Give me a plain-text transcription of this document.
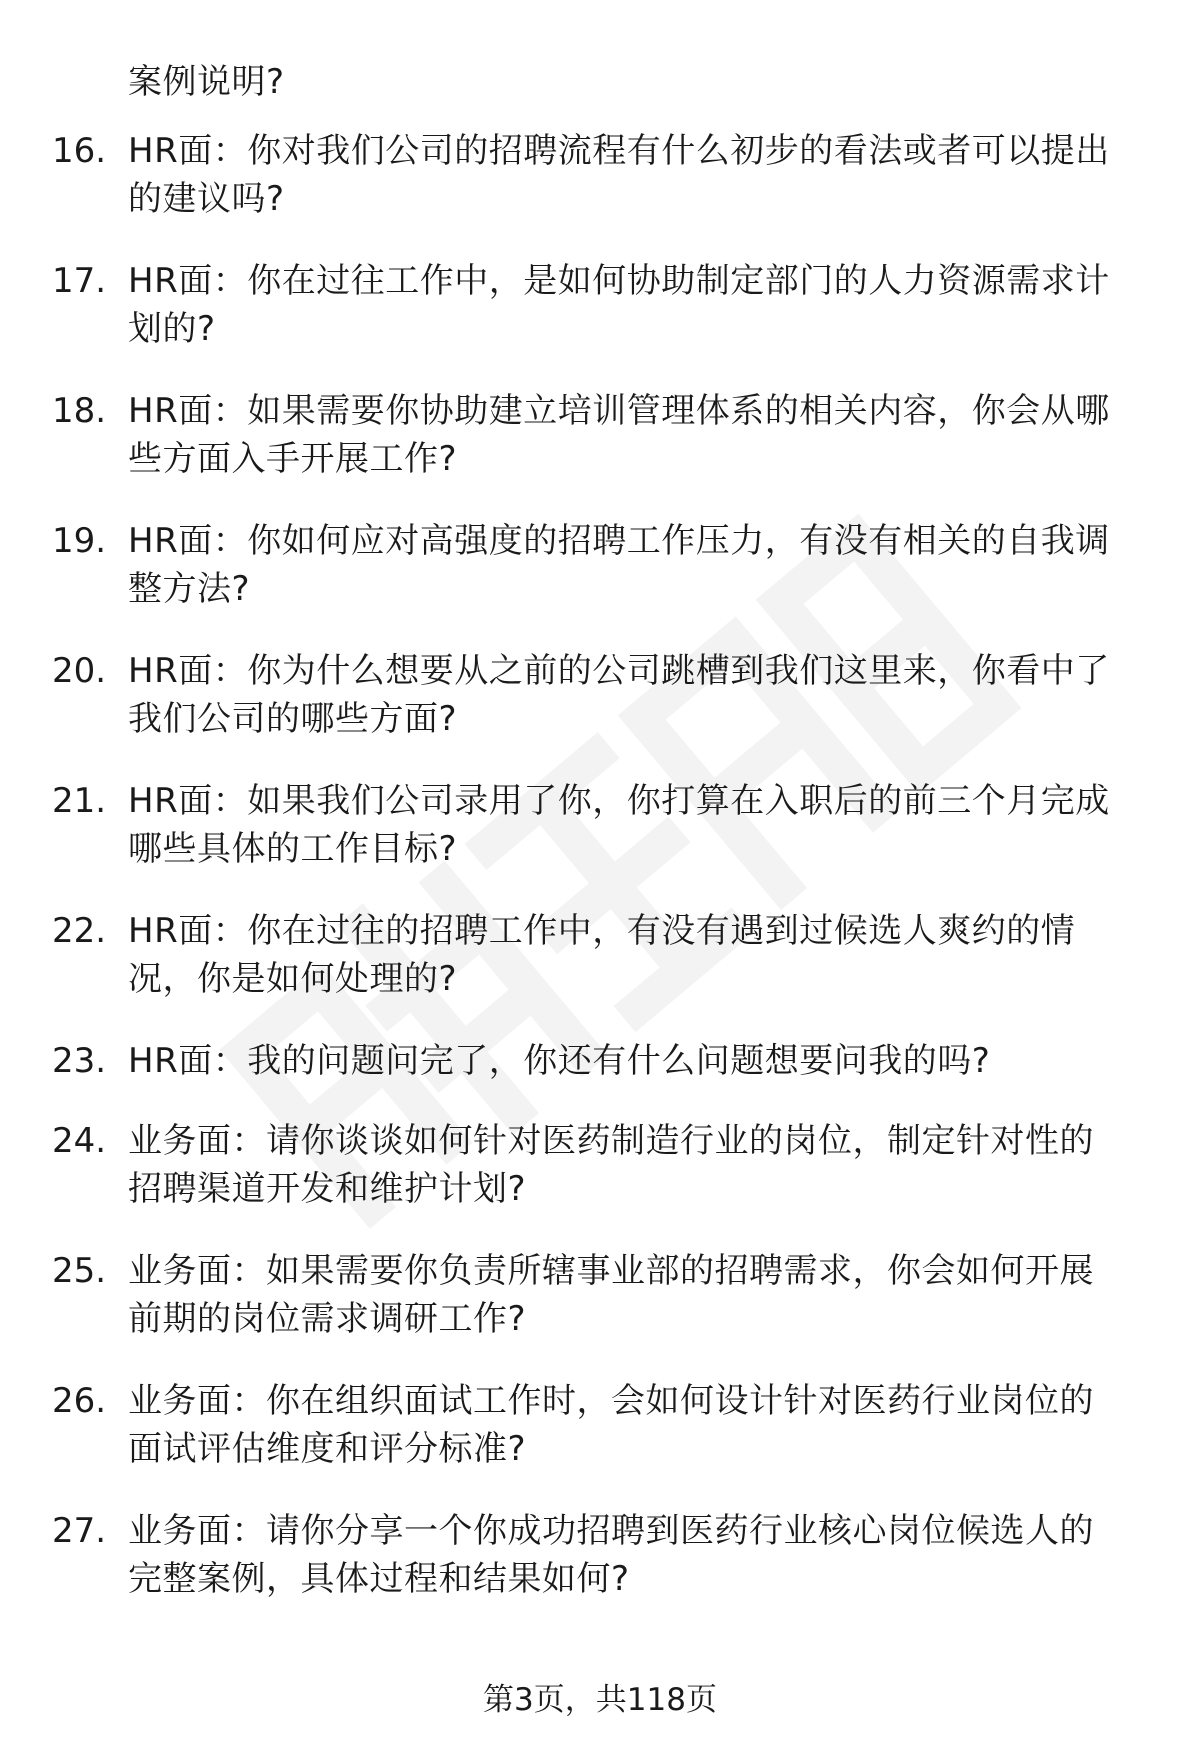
案例说明?
16. HR面：你对我们公司的招聘流程有什么初步的看法或者可以提出
的建议吗?
17. HR面：你在过往工作中，是如何协助制定部门的人力资源需求计
划的?
18. HR面：如果需要你协助建立培训管理体系的相关内容，你会从哪
些方面入手开展工作?
19. HR面：你如何应对高强度的招聘工作压力，有没有相关的自我调
整方法?
20. HR面：你为什么想要从之前的公司跳槽到我们这里来，你看中了
我们公司的哪些方面?
21. HR面：如果我们公司录用了你，你打算在入职后的前三个月完成
哪些具体的工作目标?
22. HR面：你在过往的招聘工作中，有没有遇到过候选人爽约的情
况，你是如何处理的?
23. HR面：我的问题问完了，你还有什么问题想要问我的吗?
24. 业务面：请你谈谈如何针对医药制造行业的岗位，制定针对性的
招聘渠道开发和维护计划?
25. 业务面：如果需要你负责所辖事业部的招聘需求，你会如何开展
前期的岗位需求调研工作?
26. 业务面：你在组织面试工作时，会如何设计针对医药行业岗位的
面试评估维度和评分标准?
27. 业务面：请你分享一个你成功招聘到医药行业核心岗位候选人的
完整案例，具体过程和结果如何?
第3页，共118页
